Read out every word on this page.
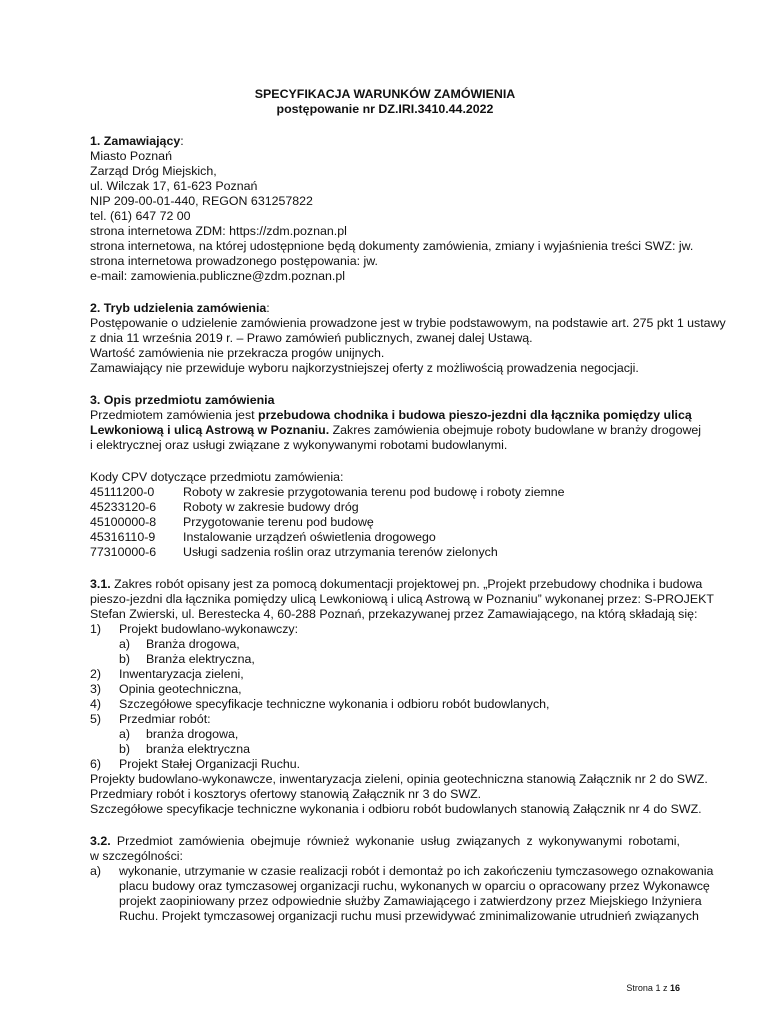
SPECYFIKACJA WARUNKÓW ZAMÓWIENIA
postępowanie nr DZ.IRI.3410.44.2022
1. Zamawiający:
Miasto Poznań
Zarząd Dróg Miejskich,
ul. Wilczak 17, 61-623 Poznań
NIP 209-00-01-440, REGON 631257822
tel. (61) 647 72 00
strona internetowa ZDM: https://zdm.poznan.pl
strona internetowa, na której udostępnione będą dokumenty zamówienia, zmiany i wyjaśnienia treści SWZ: jw.
strona internetowa prowadzonego postępowania: jw.
e-mail: zamowienia.publiczne@zdm.poznan.pl
2. Tryb udzielenia zamówienia:
Postępowanie o udzielenie zamówienia prowadzone jest w trybie podstawowym, na podstawie art. 275 pkt 1 ustawy
z dnia 11 września 2019 r. – Prawo zamówień publicznych, zwanej dalej Ustawą.
Wartość zamówienia nie przekracza progów unijnych.
Zamawiający nie przewiduje wyboru najkorzystniejszej oferty z możliwością prowadzenia negocjacji.
3. Opis przedmiotu zamówienia
Przedmiotem zamówienia jest przebudowa chodnika i budowa pieszo-jezdni dla łącznika pomiędzy ulicą
Lewkoniową i ulicą Astrową w Poznaniu. Zakres zamówienia obejmuje roboty budowlane w branży drogowej
i elektrycznej oraz usługi związane z wykonywanymi robotami budowlanymi.
Kody CPV dotyczące przedmiotu zamówienia:
45111200-0 Roboty w zakresie przygotowania terenu pod budowę i roboty ziemne
45233120-6 Roboty w zakresie budowy dróg
45100000-8 Przygotowanie terenu pod budowę
45316110-9 Instalowanie urządzeń oświetlenia drogowego
77310000-6 Usługi sadzenia roślin oraz utrzymania terenów zielonych
3.1. Zakres robót opisany jest za pomocą dokumentacji projektowej pn. „Projekt przebudowy chodnika i budowa
pieszo-jezdni dla łącznika pomiędzy ulicą Lewkoniową i ulicą Astrową w Poznaniu” wykonanej przez: S-PROJEKT
Stefan Zwierski, ul. Berestecka 4, 60-288 Poznań, przekazywanej przez Zamawiającego, na którą składają się:
1) Projekt budowlano-wykonawczy:
a) Branża drogowa,
b) Branża elektryczna,
2) Inwentaryzacja zieleni,
3) Opinia geotechniczna,
4) Szczegółowe specyfikacje techniczne wykonania i odbioru robót budowlanych,
5) Przedmiar robót:
a) branża drogowa,
b) branża elektryczna
6) Projekt Stałej Organizacji Ruchu.
Projekty budowlano-wykonawcze, inwentaryzacja zieleni, opinia geotechniczna stanowią Załącznik nr 2 do SWZ.
Przedmiary robót i kosztorys ofertowy stanowią Załącznik nr 3 do SWZ.
Szczegółowe specyfikacje techniczne wykonania i odbioru robót budowlanych stanowią Załącznik nr 4 do SWZ.
3.2. Przedmiot zamówienia obejmuje również wykonanie usług związanych z wykonywanymi robotami,
w szczególności:
a) wykonanie, utrzymanie w czasie realizacji robót i demontaż po ich zakończeniu tymczasowego oznakowania
placu budowy oraz tymczasowej organizacji ruchu, wykonanych w oparciu o opracowany przez Wykonawcę
projekt zaopiniowany przez odpowiednie służby Zamawiającego i zatwierdzony przez Miejskiego Inżyniera
Ruchu. Projekt tymczasowej organizacji ruchu musi przewidywać zminimalizowanie utrudnień związanych
Strona 1 z 16
